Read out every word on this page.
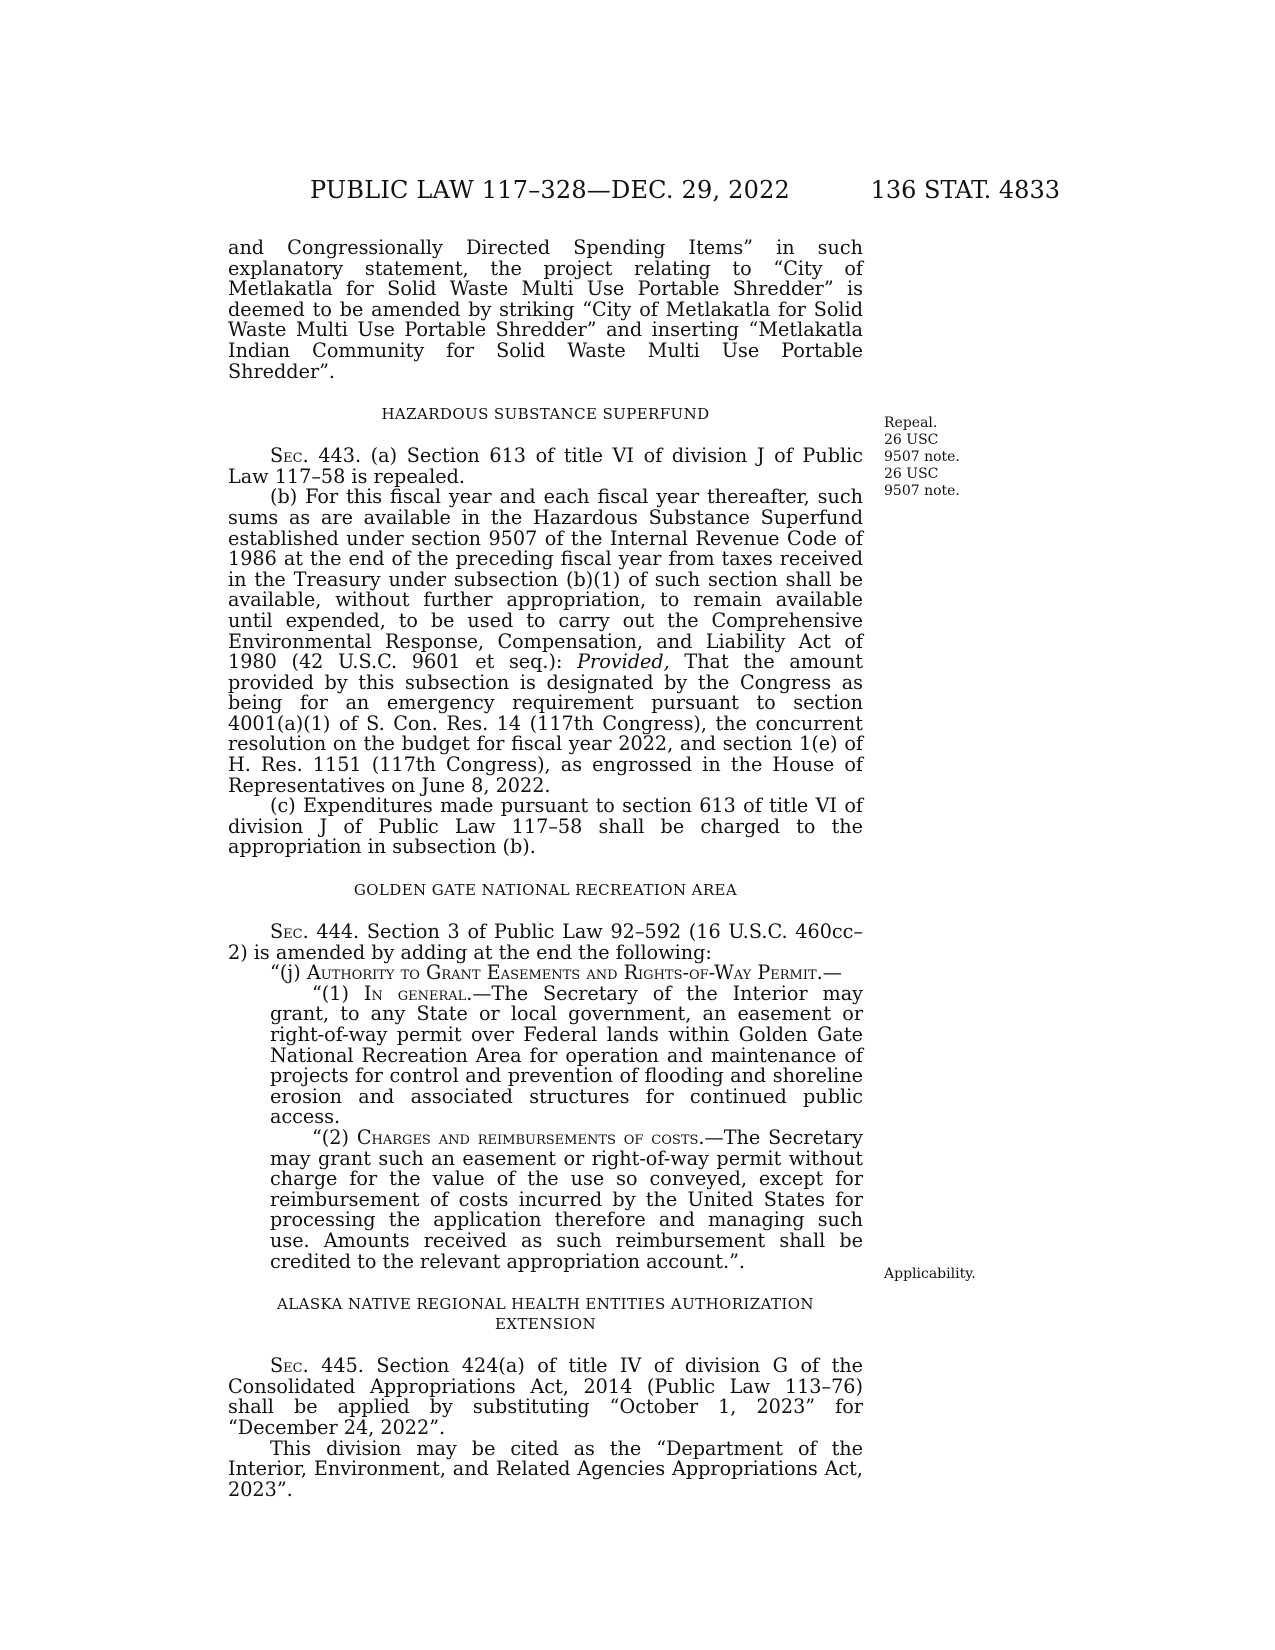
PUBLIC LAW 117–328—DEC. 29, 2022	136 STAT. 4833
Repeal.
26 USC 9507 note.
26 USC 9507 note.
Applicability.

and Congressionally Directed Spending Items” in such explanatory statement, the project relating to “City of Metlakatla for Solid Waste Multi Use Portable Shredder” is deemed to be amended by striking “City of Metlakatla for Solid Waste Multi Use Portable Shredder” and inserting “Metlakatla Indian Community for Solid Waste Multi Use Portable Shredder”.

HAZARDOUS SUBSTANCE SUPERFUND

Sec. 443. (a) Section 613 of title VI of division J of Public Law 117–58 is repealed.

(b) For this fiscal year and each fiscal year thereafter, such sums as are available in the Hazardous Substance Superfund established under section 9507 of the Internal Revenue Code of 1986 at the end of the preceding fiscal year from taxes received in the Treasury under subsection (b)(1) of such section shall be available, without further appropriation, to remain available until expended, to be used to carry out the Comprehensive Environmental Response, Compensation, and Liability Act of 1980 (42 U.S.C. 9601 et seq.): Provided, That the amount provided by this subsection is designated by the Congress as being for an emergency requirement pursuant to section 4001(a)(1) of S. Con. Res. 14 (117th Congress), the concurrent resolution on the budget for fiscal year 2022, and section 1(e) of H. Res. 1151 (117th Congress), as engrossed in the House of Representatives on June 8, 2022.

(c) Expenditures made pursuant to section 613 of title VI of division J of Public Law 117–58 shall be charged to the appropriation in subsection (b).

GOLDEN GATE NATIONAL RECREATION AREA

Sec. 444. Section 3 of Public Law 92–592 (16 U.S.C. 460cc–2) is amended by adding at the end the following:

“(j) Authority to Grant Easements and Rights-of-Way Permit.—

“(1) In general.—The Secretary of the Interior may grant, to any State or local government, an easement or right-of-way permit over Federal lands within Golden Gate National Recreation Area for operation and maintenance of projects for control and prevention of flooding and shoreline erosion and associated structures for continued public access.

“(2) Charges and reimbursements of costs.—The Secretary may grant such an easement or right-of-way permit without charge for the value of the use so conveyed, except for reimbursement of costs incurred by the United States for processing the application therefore and managing such use. Amounts received as such reimbursement shall be credited to the relevant appropriation account.”.

ALASKA NATIVE REGIONAL HEALTH ENTITIES AUTHORIZATION
EXTENSION

Sec. 445. Section 424(a) of title IV of division G of the Consolidated Appropriations Act, 2014 (Public Law 113–76) shall be applied by substituting “October 1, 2023” for “December 24, 2022”.

This division may be cited as the “Department of the Interior, Environment, and Related Agencies Appropriations Act, 2023”.
